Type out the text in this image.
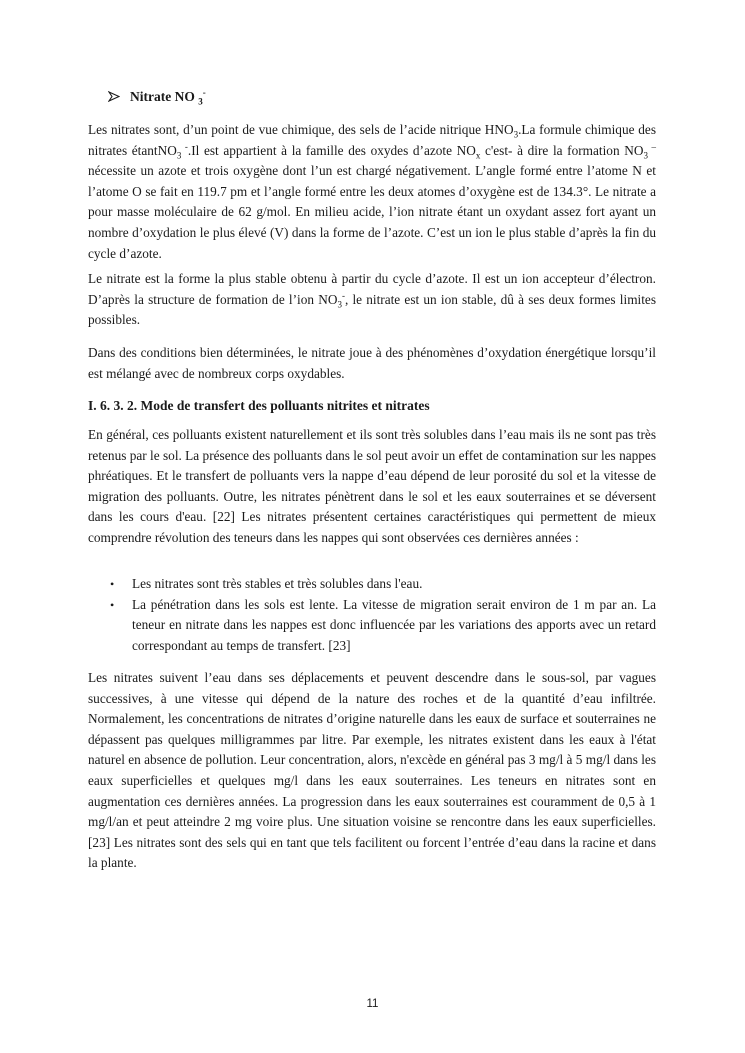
Nitrate NO $_3$-

Les nitrates sont, d’un point de vue chimique, des sels de l’acide nitrique $HNO_3.La$ formule chimique des nitrates étantNO$_3$ -.Il est appartient à la famille des oxydes d’azote $NO_x$ c'est- à dire la formation $NO_3$ – nécessite un azote et trois oxygène dont l’un est chargé négativement. L’angle formé entre l’atome N et l’atome O se fait en 119.7 pm et l’angle formé entre les deux atomes d’oxygène est de 134.3°. Le nitrate a pour masse moléculaire de 62 g/mol. En milieu acide, l’ion nitrate étant un oxydant assez fort ayant un nombre d’oxydation le plus élevé (V) dans la forme de l’azote. C’est un ion le plus stable d’après la fin du cycle d’azote.

Le nitrate est la forme la plus stable obtenu à partir du cycle d’azote. Il est un ion accepteur d’électron. D’après la structure de formation de l’ion $NO_3^-$, le nitrate est un ion stable, dû à ses deux formes limites possibles.

Dans des conditions bien déterminées, le nitrate joue à des phénomènes d’oxydation énergétique lorsqu’il est mélangé avec de nombreux corps oxydables.

I. 6. 3. 2. Mode de transfert des polluants nitrites et nitrates

En général, ces polluants existent naturellement et ils sont très solubles dans l’eau mais ils ne sont pas très retenus par le sol. La présence des polluants dans le sol peut avoir un effet de contamination sur les nappes phréatiques. Et le transfert de polluants vers la nappe d’eau dépend de leur porosité du sol et la vitesse de migration des polluants. Outre, les nitrates pénètrent dans le sol et les eaux souterraines et se déversent dans les cours d'eau. [22] Les nitrates présentent certaines caractéristiques qui permettent de mieux comprendre révolution des teneurs dans les nappes qui sont observées ces dernières années :

• Les nitrates sont très stables et très solubles dans l'eau.
• La pénétration dans les sols est lente. La vitesse de migration serait environ de 1 m par an. La teneur en nitrate dans les nappes est donc influencée par les variations des apports avec un retard correspondant au temps de transfert. [23]

Les nitrates suivent l’eau dans ses déplacements et peuvent descendre dans le sous-sol, par vagues successives, à une vitesse qui dépend de la nature des roches et de la quantité d’eau infiltrée. Normalement, les concentrations de nitrates d’origine naturelle dans les eaux de surface et souterraines ne dépassent pas quelques milligrammes par litre. Par exemple, les nitrates existent dans les eaux à l'état naturel en absence de pollution. Leur concentration, alors, n'excède en général pas 3 mg/l à 5 mg/l dans les eaux superficielles et quelques mg/l dans les eaux souterraines. Les teneurs en nitrates sont en augmentation ces dernières années. La progression dans les eaux souterraines est couramment de 0,5 à 1 mg/l/an et peut atteindre 2 mg voire plus. Une situation voisine se rencontre dans les eaux superficielles. [23] Les nitrates sont des sels qui en tant que tels facilitent ou forcent l’entrée d’eau dans la racine et dans la plante.

11
